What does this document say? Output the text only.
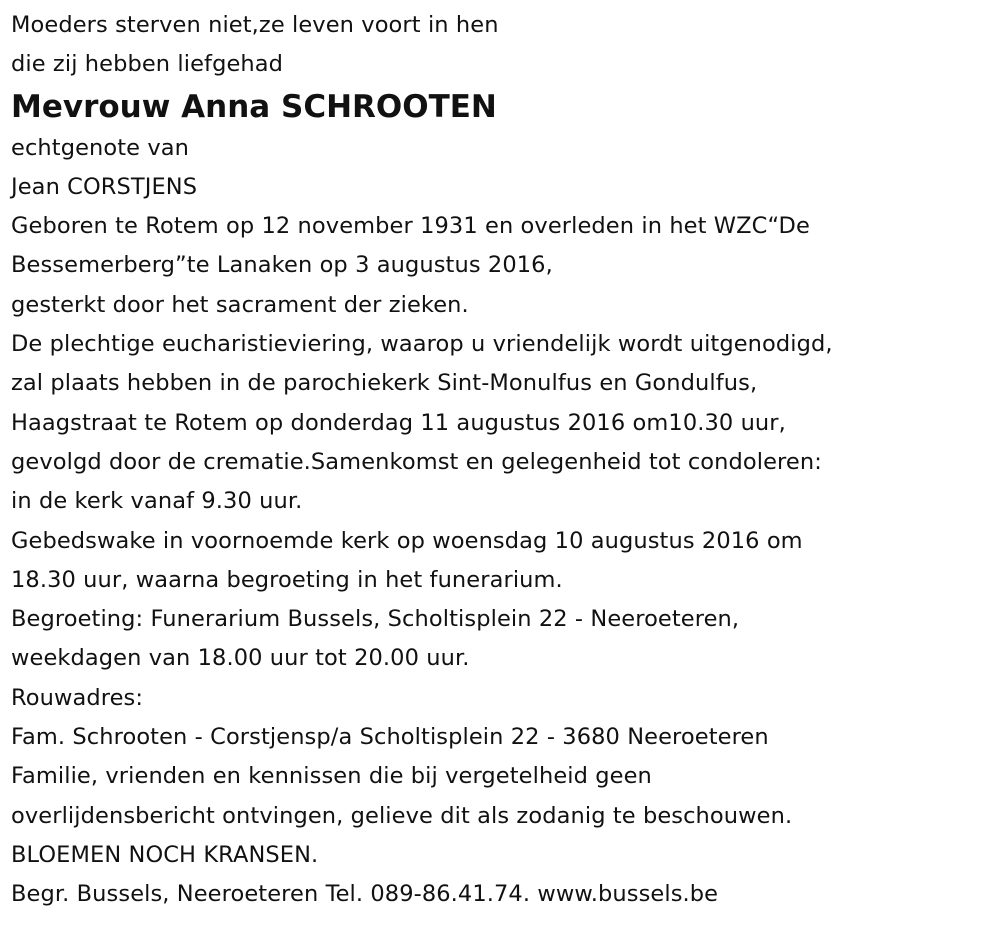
Moeders sterven niet,ze leven voort in hen
die zij hebben liefgehad
Mevrouw Anna SCHROOTEN
echtgenote van
Jean CORSTJENS
Geboren te Rotem op 12 november 1931 en overleden in het WZC“De
Bessemerberg”te Lanaken op 3 augustus 2016,
gesterkt door het sacrament der zieken.
De plechtige eucharistieviering, waarop u vriendelijk wordt uitgenodigd,
zal plaats hebben in de parochiekerk Sint-Monulfus en Gondulfus,
Haagstraat te Rotem op donderdag 11 augustus 2016 om10.30 uur,
gevolgd door de crematie.Samenkomst en gelegenheid tot condoleren:
in de kerk vanaf 9.30 uur.
Gebedswake in voornoemde kerk op woensdag 10 augustus 2016 om
18.30 uur, waarna begroeting in het funerarium.
Begroeting: Funerarium Bussels, Scholtisplein 22 - Neeroeteren,
weekdagen van 18.00 uur tot 20.00 uur.
Rouwadres:
Fam. Schrooten - Corstjensp/a Scholtisplein 22 - 3680 Neeroeteren
Familie, vrienden en kennissen die bij vergetelheid geen
overlijdensbericht ontvingen, gelieve dit als zodanig te beschouwen.
BLOEMEN NOCH KRANSEN.
Begr. Bussels, Neeroeteren Tel. 089-86.41.74. www.bussels.be
